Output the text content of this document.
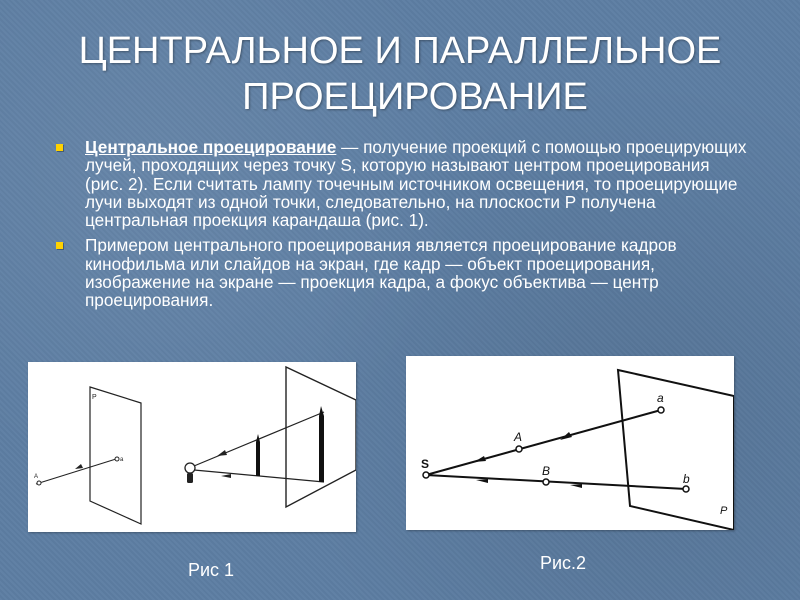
ЦЕНТРАЛЬНОЕ И ПАРАЛЛЕЛЬНОЕ
ПРОЕЦИРОВАНИЕ
Центральное проецирование — получение проекций с помощью проецирующих лучей, проходящих через точку S, которую называют центром проецирования (рис. 2). Если считать лампу точечным источником освещения, то проецирующие лучи выходят из одной точки, следовательно, на плоскости Р получена центральная проекция карандаша (рис. 1).
Примером центрального проецирования является проецирование кадров кинофильма или слайдов на экран, где кадр — объект проецирования, изображение на экране — проекция кадра, а фокус объектива — центр проецирования.
P
A
a
P
S
A
B
a
b
Рис 1	Рис.2
